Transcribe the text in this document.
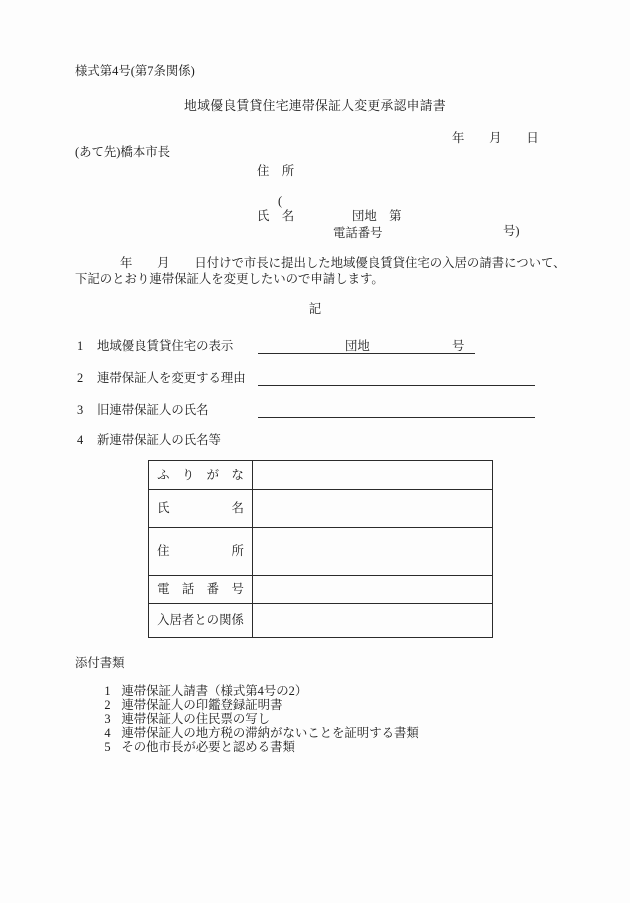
様式第4号(第7条関係)
地域優良賃貸住宅連帯保証人変更承認申請書
年　　月　　日
(あて先)橋本市長
住　所

(

団地　第

号)

氏　名
電話番号
年　　月　　日付けで市長に提出した地域優良賃貸住宅の入居の請書について、
下記のとおり連帯保証人を変更したいので申請します。
記
1 地域優良賃貸住宅の表示

	団地

	号

2 連帯保証人を変更する理由
3 旧連帯保証人の氏名
4 新連帯保証人の氏名等
ふ　り　が　な
氏　　　　　名
住　　　　　所
電　話　番　号
入居者との関係
添付書類

1 連帯保証人請書（様式第4号の2）

2 連帯保証人の印鑑登録証明書

3 連帯保証人の住民票の写し

4 連帯保証人の地方税の滞納がないことを証明する書類

5 その他市長が必要と認める書類
